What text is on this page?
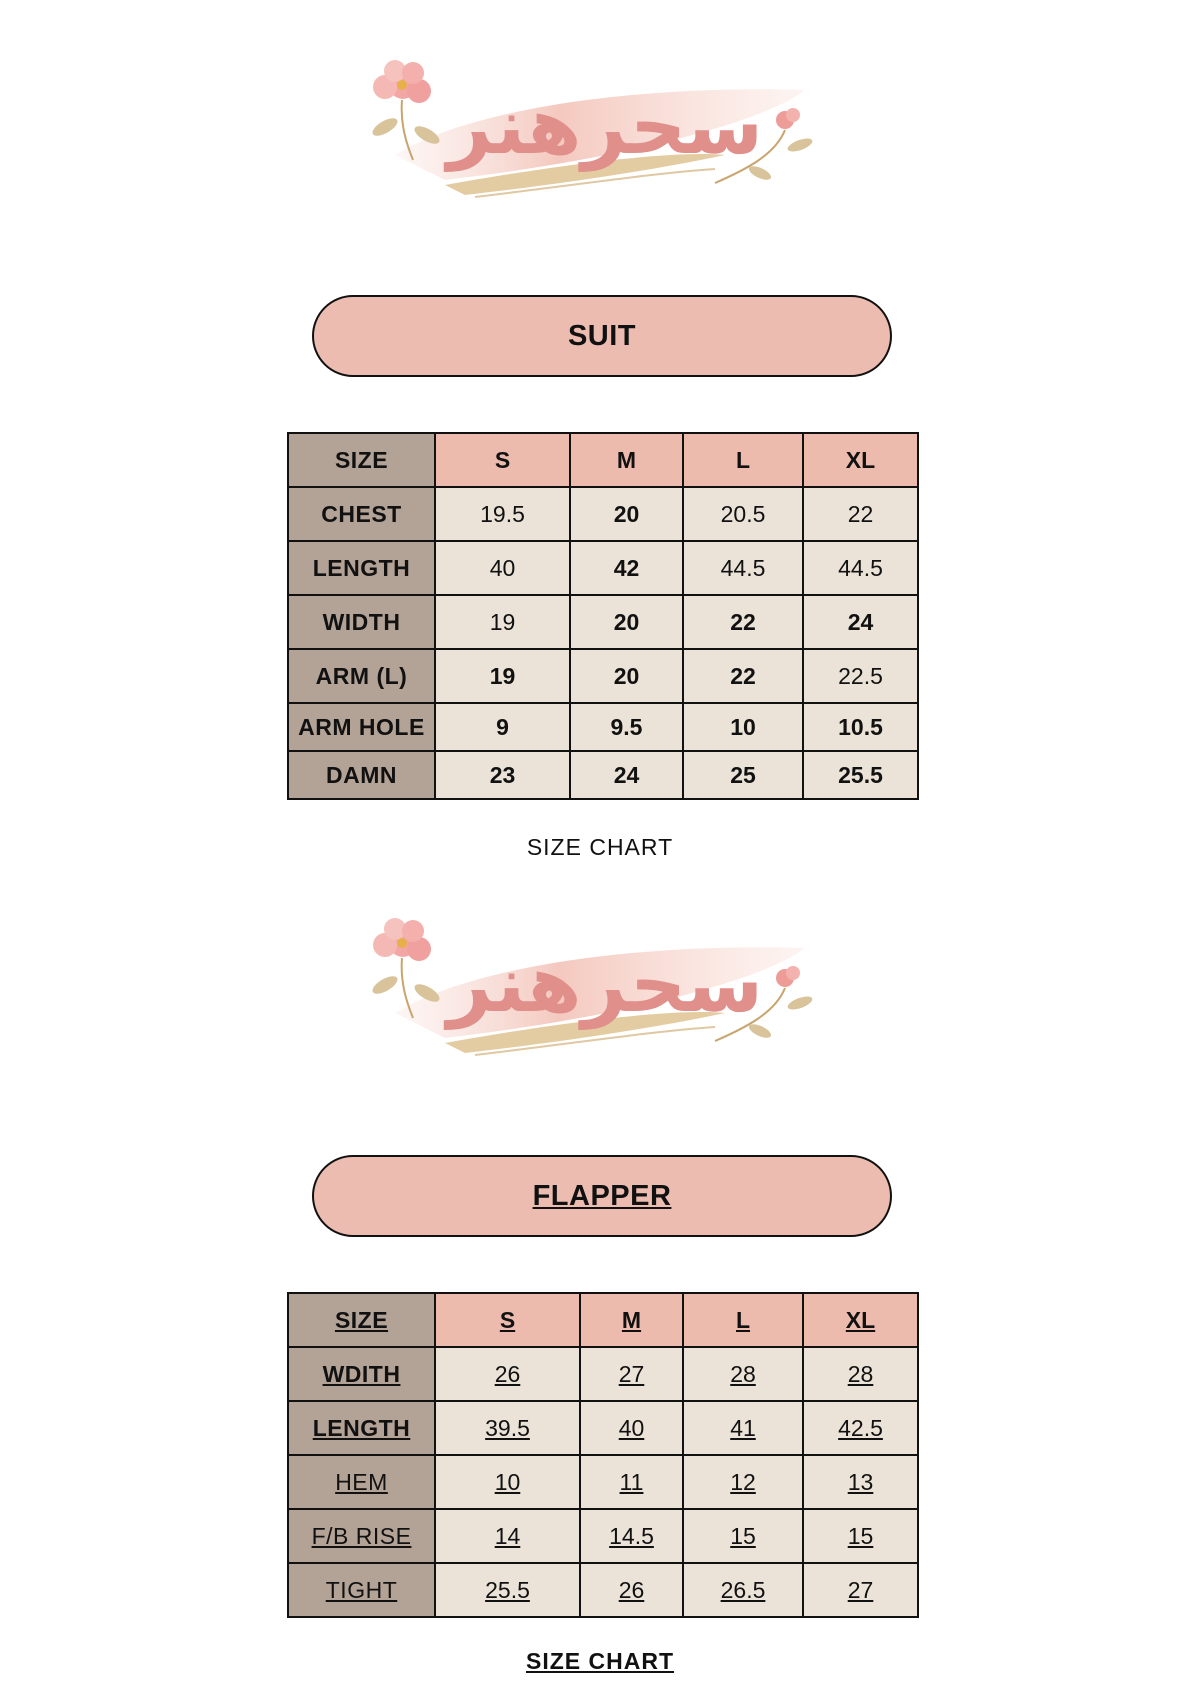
سحرهنر
SUIT
SIZE	S	M	L	XL
CHEST	19.5	20	20.5	22
LENGTH	40	42	44.5	44.5
WIDTH	19	20	22	24
ARM (L)	19	20	22	22.5
ARM HOLE	9	9.5	10	10.5
DAMN	23	24	25	25.5
SIZE CHART
سحرهنر
FLAPPER
SIZE	S	M	L	XL
WDITH	26	27	28	28
LENGTH	39.5	40	41	42.5
HEM	10	11	12	13
F/B RISE	14	14.5	15	15
TIGHT	25.5	26	26.5	27
SIZE CHART
